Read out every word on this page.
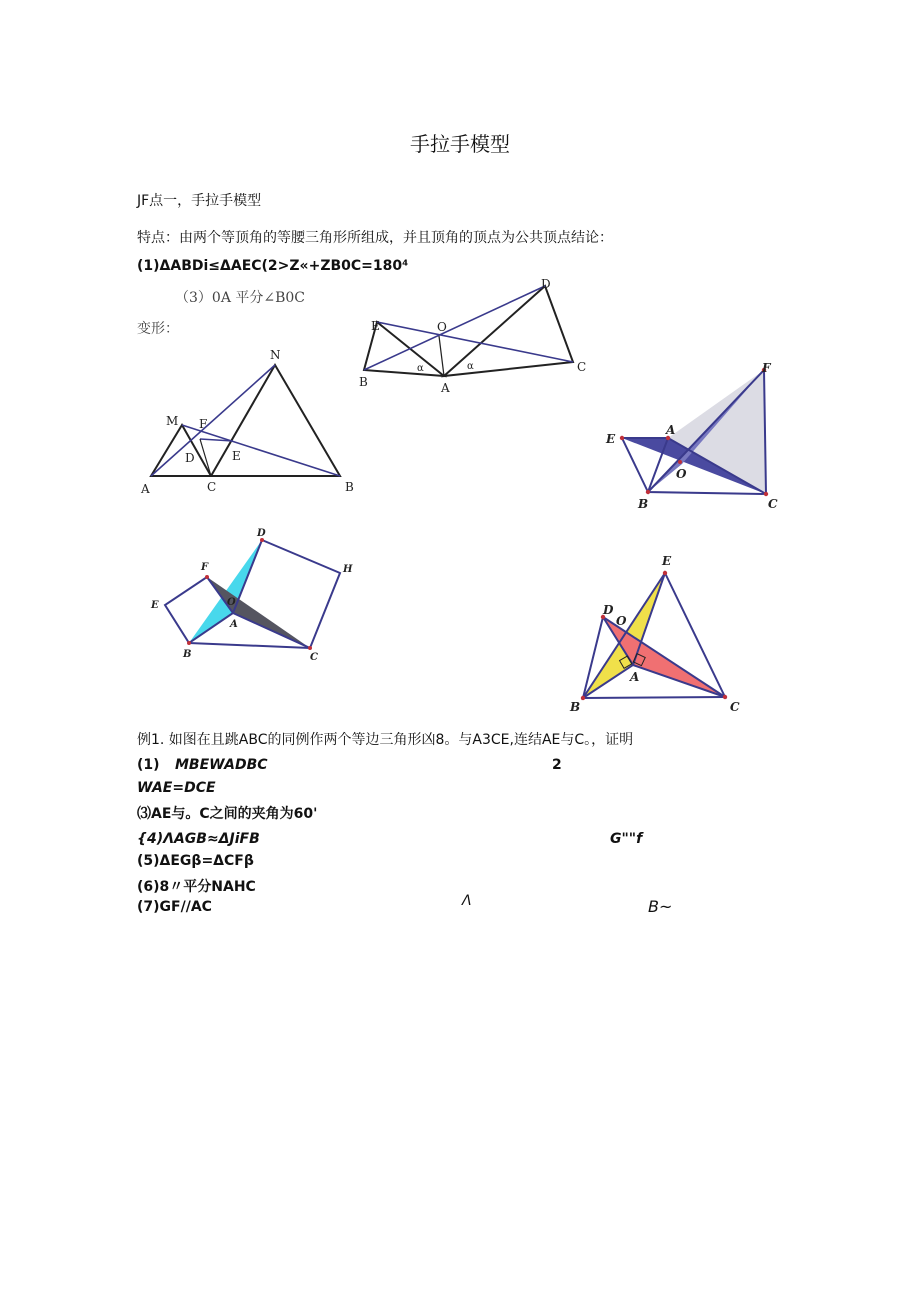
手拉手模型
JF点一，手拉手模型
特点：由两个等顶角的等腰三角形所组成，并且顶角的顶点为公共顶点结论：
(1)ΔABDi≤ΔAEC(2>Z«+ZB0C=180⁴
（3）0A 平分∠B0C
变形：	E	O
D
B	A
C
α	α
N
M F
D	E
A	C	B
F
E
A
O
B	C
D
F	H
E	O
A
B	C
E
D
O
A
B	C
例1. 如图在且跳ABC的同例作两个等边三角形凶8。与A3CE,连结AE与C。，证明
(1) MBEWADBC	2
WAE=DCE
⑶AE与。C之间的夹角为60'
{4)ΛAGB≈ΔJiFB	G""f
(5)ΔEGβ=ΔCFβ
(6)8〃平分NAHC
(7)GF//AC	Λ	B~
